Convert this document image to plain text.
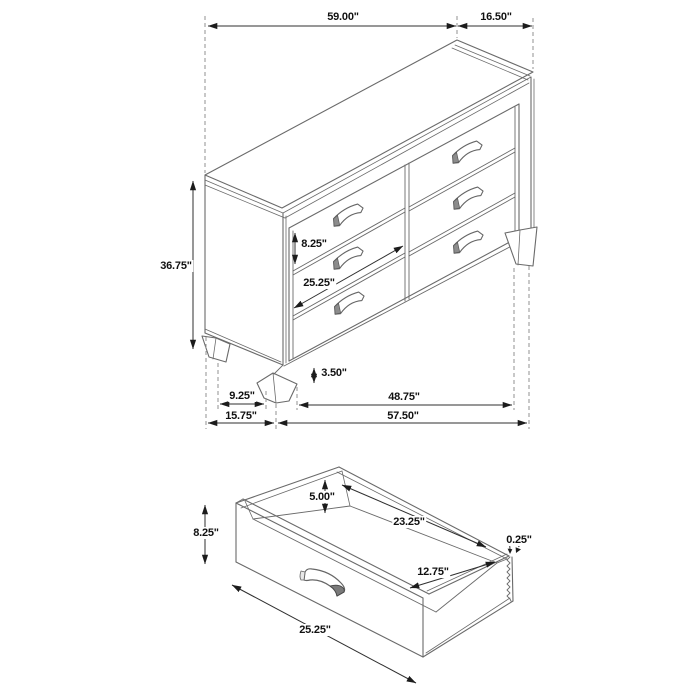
59.00"	16.50"
36.75"
8.25"
25.25"
3.50"
9.25"
15.75"
48.75"
57.50"
8.25"
5.00"
23.25"
12.75"
0.25"
25.25"
